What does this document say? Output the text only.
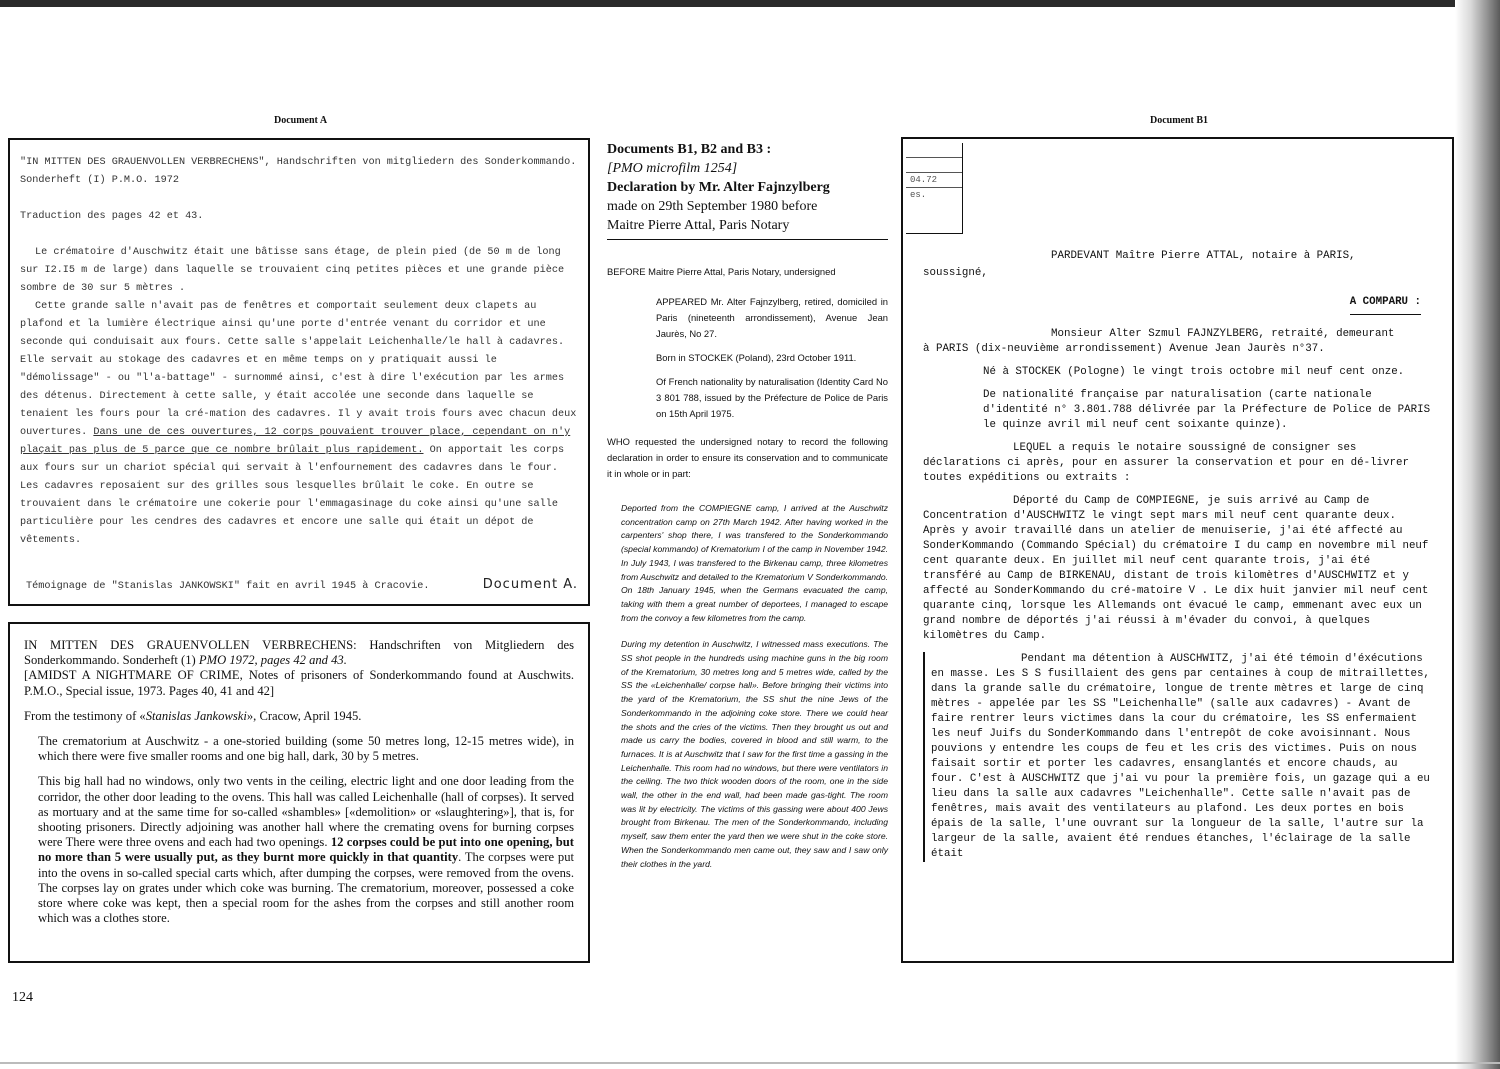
Document A	Document B1

"IN MITTEN DES GRAUENVOLLEN VERBRECHENS", Handschriften von mitgliedern des Sonderkommando.

Sonderheft (I) P.M.O. 1972

Traduction des pages 42 et 43.

Le crématoire d'Auschwitz était une bâtisse sans étage, de plein pied (de 50 m de long sur I2.I5 m de large) dans laquelle se trouvaient cinq petites pièces et une grande pièce sombre de 30 sur 5 mètres .

Cette grande salle n'avait pas de fenêtres et comportait seulement deux clapets au plafond et la lumière électrique ainsi qu'une porte d'entrée venant du corridor et une seconde qui conduisait aux fours. Cette salle s'appelait Leichenhalle/le hall à cadavres. Elle servait au stokage des cadavres et en même temps on y pratiquait aussi le "démolissage" - ou "l'a-battage" - surnommé ainsi, c'est à dire l'exécution par les armes des détenus. Directement à cette salle, y était accolée une seconde dans laquelle se tenaient les fours pour la cré-mation des cadavres. Il y avait trois fours avec chacun deux ouvertures. Dans une de ces ouvertures, 12 corps pouvaient trouver place, cependant on n'y plaçait pas plus de 5 parce que ce nombre brûlait plus rapidement. On apportait les corps aux fours sur un chariot spécial qui servait à l'enfournement des cadavres dans le four. Les cadavres reposaient sur des grilles sous lesquelles brûlait le coke. En outre se trouvaient dans le crématoire une cokerie pour l'emmagasinage du coke ainsi qu'une salle particulière pour les cendres des cadavres et encore une salle qui était un dépot de vêtements.

Témoignage de "Stanislas JANKOWSKI" fait en avril 1945 à Cracovie.	Document A.

IN MITTEN DES GRAUENVOLLEN VERBRECHENS: Handschriften von Mitgliedern des Sonderkommando. Sonderheft (1) PMO 1972, pages 42 and 43.
[AMIDST A NIGHTMARE OF CRIME, Notes of prisoners of Sonderkommando found at Auschwits. P.M.O., Special issue, 1973. Pages 40, 41 and 42]

From the testimony of «Stanislas Jankowski», Cracow, April 1945.

The crematorium at Auschwitz - a one-storied building (some 50 metres long, 12-15 metres wide), in which there were five smaller rooms and one big hall, dark, 30 by 5 metres.

This big hall had no windows, only two vents in the ceiling, electric light and one door leading from the corridor, the other door leading to the ovens. This hall was called Leichenhalle (hall of corpses). It served as mortuary and at the same time for so-called «shambles» [«demolition» or «slaughtering»], that is, for shooting prisoners. Directly adjoining was another hall where the cremating ovens for burning corpses were There were three ovens and each had two openings. 12 corpses could be put into one opening, but no more than 5 were usually put, as they burnt more quickly in that quantity. The corpses were put into the ovens in so-called special carts which, after dumping the corpses, were removed from the ovens. The corpses lay on grates under which coke was burning. The crematorium, moreover, possessed a coke store where coke was kept, then a special room for the ashes from the corpses and still another room which was a clothes store.

Documents B1, B2 and B3 :
[PMO microfilm 1254]
Declaration by Mr. Alter Fajnzylberg
made on 29th September 1980 before
Maitre Pierre Attal, Paris Notary

BEFORE Maitre Pierre Attal, Paris Notary, undersigned

APPEARED Mr. Alter Fajnzylberg, retired, domiciled in Paris (nineteenth arrondissement), Avenue Jean Jaurès, No 27.

Born in STOCKEK (Poland), 23rd October 1911.

Of French nationality by naturalisation (Identity Card No 3 801 788, issued by the Préfecture de Police de Paris on 15th April 1975.

WHO requested the undersigned notary to record the following declaration in order to ensure its conservation and to communicate it in whole or in part:

Deported from the COMPIEGNE camp, I arrived at the Auschwitz concentration camp on 27th March 1942. After having worked in the carpenters' shop there, I was transfered to the Sonderkommando (special kommando) of Krematorium I of the camp in November 1942. In July 1943, I was transfered to the Birkenau camp, three kilometres from Auschwitz and detailed to the Krematorium V Sonderkommando. On 18th January 1945, when the Germans evacuated the camp, taking with them a great number of deportees, I managed to escape from the convoy a few kilometres from the camp.

During my detention in Auschwitz, I witnessed mass executions. The SS shot people in the hundreds using machine guns in the big room of the Krematorium, 30 metres long and 5 metres wide, called by the SS the «Leichenhalle/ corpse hall». Before bringing their victims into the yard of the Krematorium, the SS shut the nine Jews of the Sonderkommando in the adjoining coke store. There we could hear the shots and the cries of the victims. Then they brought us out and made us carry the bodies, covered in blood and still warm, to the furnaces. It is at Auschwitz that I saw for the first time a gassing in the Leichenhalle. This room had no windows, but there were ventilators in the ceiling. The two thick wooden doors of the room, one in the side wall, the other in the end wall, had been made gas-tight. The room was lit by electricity. The victims of this gassing were about 400 Jews brought from Birkenau. The men of the Sonderkommando, including myself, saw them enter the yard then we were shut in the coke store. When the Sonderkommando men came out, they saw and I saw only their clothes in the yard.

04.72
es.

PARDEVANT Maître Pierre ATTAL, notaire à PARIS,

soussigné,

A COMPARU :

Monsieur Alter Szmul FAJNZYLBERG, retraité, demeurant
à PARIS (dix-neuvième arrondissement) Avenue Jean Jaurès n°37.

Né à STOCKEK (Pologne) le vingt trois octobre mil neuf cent onze.

De nationalité française par naturalisation (carte nationale d'identité n° 3.801.788 délivrée par la Préfecture de Police de PARIS le quinze avril mil neuf cent soixante quinze).

LEQUEL a requis le notaire soussigné de consigner ses déclarations ci après, pour en assurer la conservation et pour en dé-livrer toutes expéditions ou extraits :

Déporté du Camp de COMPIEGNE, je suis arrivé au Camp de Concentration d'AUSCHWITZ le vingt sept mars mil neuf cent quarante deux. Après y avoir travaillé dans un atelier de menuiserie, j'ai été affecté au SonderKommando (Commando Spécial) du crématoire I du camp en novembre mil neuf cent quarante deux. En juillet mil neuf cent quarante trois, j'ai été transféré au Camp de BIRKENAU, distant de trois kilomètres d'AUSCHWITZ et y affecté au SonderKommando du cré-matoire V . Le dix huit janvier mil neuf cent quarante cinq, lorsque les Allemands ont évacué le camp, emmenant avec eux un grand nombre de déportés j'ai réussi à m'évader du convoi, à quelques kilomètres du Camp.

Pendant ma détention à AUSCHWITZ, j'ai été témoin d'éxécutions en masse. Les S S fusillaient des gens par centaines à coup de mitraillettes, dans la grande salle du crématoire, longue de trente mètres et large de cinq mètres - appelée par les SS "Leichenhalle" (salle aux cadavres) - Avant de faire rentrer leurs victimes dans la cour du crématoire, les SS enfermaient les neuf Juifs du SonderKommando dans l'entrepôt de coke avoisinnant. Nous pouvions y entendre les coups de feu et les cris des victimes. Puis on nous faisait sortir et porter les cadavres, ensanglantés et encore chauds, au four. C'est à AUSCHWITZ que j'ai vu pour la première fois, un gazage qui a eu lieu dans la salle aux cadavres "Leichenhalle". Cette salle n'avait pas de fenêtres, mais avait des ventilateurs au plafond. Les deux portes en bois épais de la salle, l'une ouvrant sur la longueur de la salle, l'autre sur la largeur de la salle, avaient été rendues étanches, l'éclairage de la salle était

124
